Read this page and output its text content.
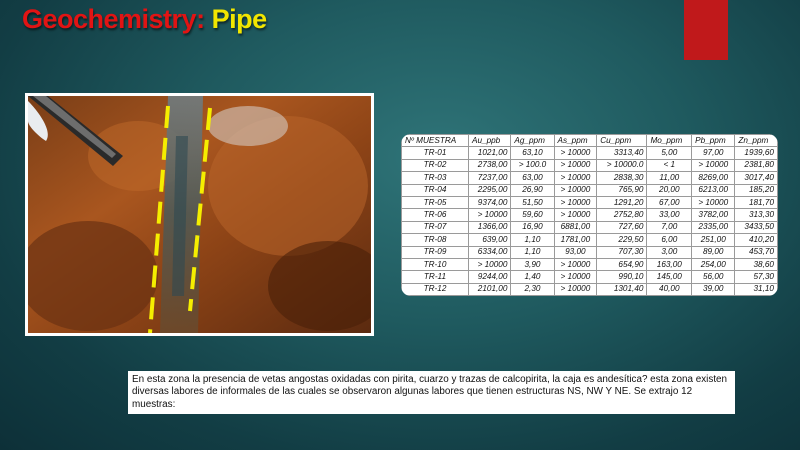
Geochemistry: Pipe
Nº MUESTRA	Au_ppb	Ag_ppm	As_ppm	Cu_ppm	Mo_ppm	Pb_ppm	Zn_ppm
TR-01	1021,00	63,10	> 10000	3313,40	5,00	97,00	1939,60
TR-02	2738,00	> 100.0	> 10000	> 10000.0	< 1	> 10000	2381,80
TR-03	7237,00	63,00	> 10000	2838,30	11,00	8269,00	3017,40
TR-04	2295,00	26,90	> 10000	765,90	20,00	6213,00	185,20
TR-05	9374,00	51,50	> 10000	1291,20	67,00	> 10000	181,70
TR-06	> 10000	59,60	> 10000	2752,80	33,00	3782,00	313,30
TR-07	1366,00	16,90	6881,00	727,60	7,00	2335,00	3433,50
TR-08	639,00	1,10	1781,00	229,50	6,00	251,00	410,20
TR-09	6334,00	1,10	93,00	707,30	3,00	89,00	453,70
TR-10	> 10000	3,90	> 10000	654,90	163,00	254,00	38,60
TR-11	9244,00	1,40	> 10000	990,10	145,00	56,00	57,30
TR-12	2101,00	2,30	> 10000	1301,40	40,00	39,00	31,10
En esta zona la presencia de vetas angostas oxidadas con pirita, cuarzo y trazas de calcopirita, la caja es andesítica? esta zona existen diversas labores de informales de las cuales se observaron algunas labores que tienen estructuras NS, NW Y NE. Se extrajo 12 muestras:
